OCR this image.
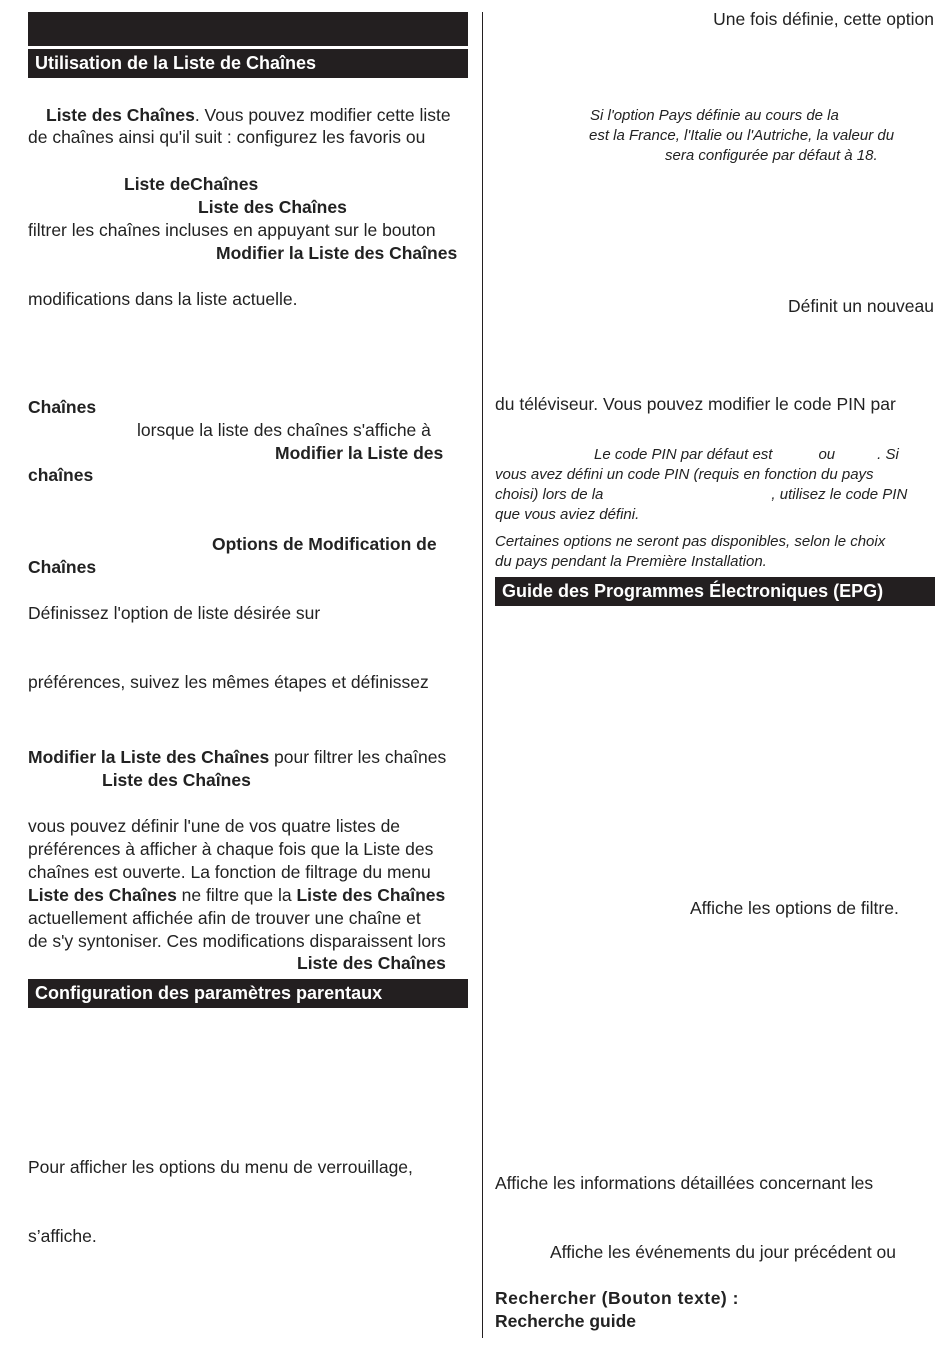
Utilisation de la Liste de Chaînes
Liste des Chaînes. Vous pouvez modifier cette liste
de chaînes ainsi qu'il suit : configurez les favoris ou
Liste deChaînes
Liste des Chaînes
filtrer les chaînes incluses en appuyant sur le bouton
Modifier la Liste des Chaînes
modifications dans la liste actuelle.
Chaînes
lorsque la liste des chaînes s'affiche à
Modifier la Liste des
chaînes
Options de Modification de
Chaînes
Définissez l'option de liste désirée sur
préférences, suivez les mêmes étapes et définissez
Modifier la Liste des Chaînes pour filtrer les chaînes
Liste des Chaînes
vous pouvez définir l'une de vos quatre listes de
préférences à afficher à chaque fois que la Liste des
chaînes est ouverte. La fonction de filtrage du menu
Liste des Chaînes ne filtre que la Liste des Chaînes
actuellement affichée afin de trouver une chaîne et
de s'y syntoniser. Ces modifications disparaissent lors
Liste des Chaînes
Configuration des paramètres parentaux
Pour afficher les options du menu de verrouillage,
s’affiche.
Une fois définie, cette option
Si l'option Pays définie au cours de la
est la France, l'Italie ou l'Autriche, la valeur du
sera configurée par défaut à 18.
Définit un nouveau
du téléviseur. Vous pouvez modifier le code PIN par
Le code PIN par défaut est	ou	. Si
vous avez défini un code PIN (requis en fonction du pays
choisi) lors de la	, utilisez le code PIN
que vous aviez défini.
Certaines options ne seront pas disponibles, selon le choix
du pays pendant la Première Installation.
Guide des Programmes Électroniques (EPG)
Affiche les options de filtre.
Affiche les informations détaillées concernant les
Affiche les événements du jour précédent ou
Rechercher (Bouton texte) :
Recherche guide
